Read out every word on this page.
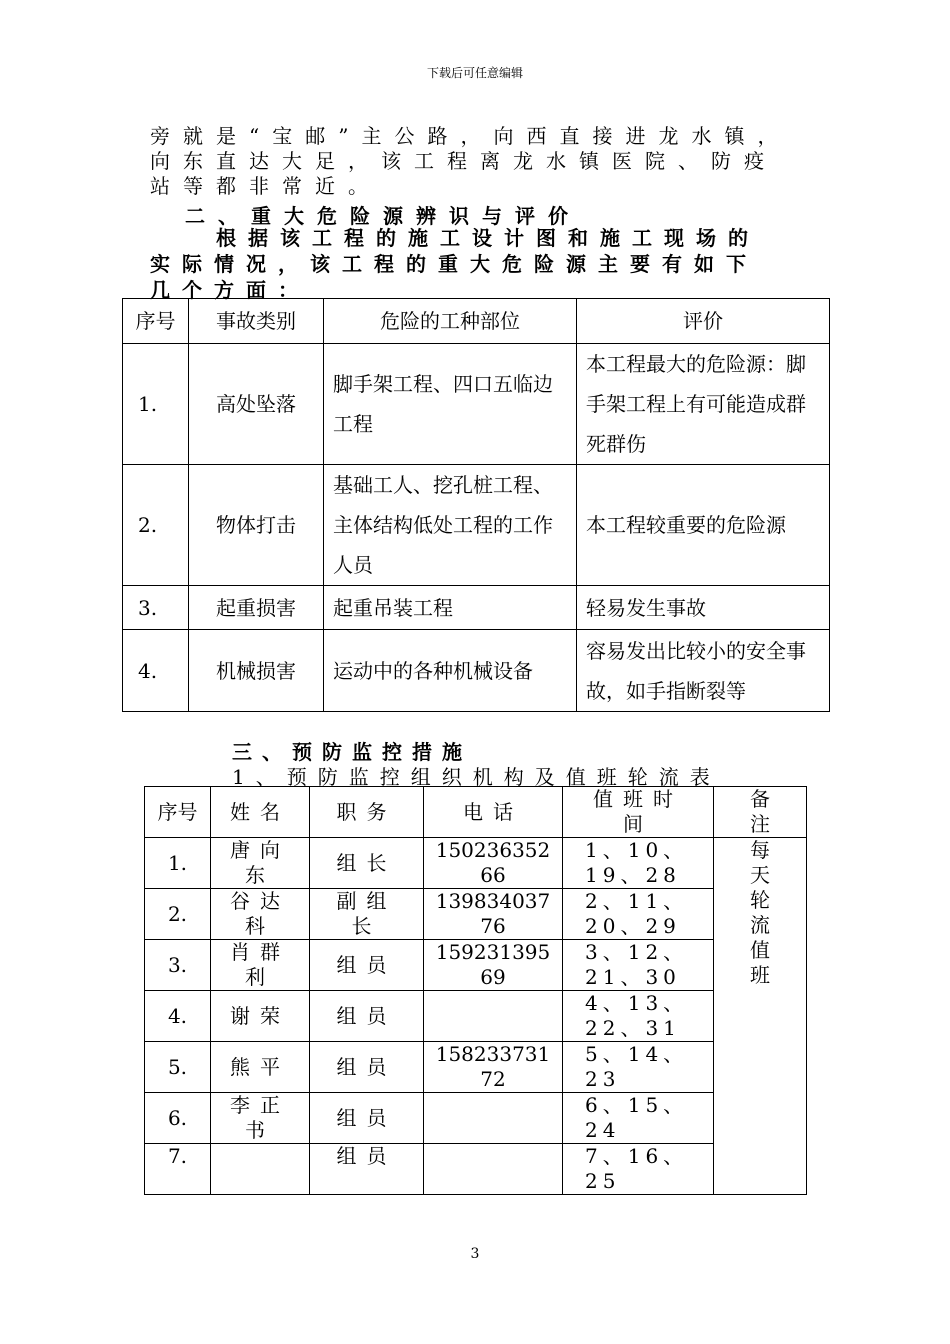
下载后可任意编辑
旁就是“宝邮”主公路，向西直接进龙水镇，
向东直达大足，该工程离龙水镇医院、防疫
站等都非常近。
二、重大危险源辨识与评价
根据该工程的施工设计图和施工现场的
实际情况，该工程的重大危险源主要有如下
几个方面：
序号	事故类别	危险的工种部位	评价
1.	高处坠落	脚手架工程、四口五临边工程	本工程最大的危险源：脚手架工程上有可能造成群死群伤
2.	物体打击	基础工人、挖孔桩工程、主体结构低处工程的工作人员	本工程较重要的危险源
3.	起重损害	起重吊装工程	轻易发生事故
4.	机械损害	运动中的各种机械设备	容易发出比较小的安全事故，如手指断裂等
三、预防监控措施
1、预防监控组织机构及值班轮流表
序号	姓名	职务	电话	值班时间	备注
1.	唐向东	组长	15023635266	1、10、19、28	每天轮流值班
2.	谷达科	副组长	13983403776	2、11、20、29	
3.	肖群利	组员	15923139569	3、12、21、30	
4.	谢荣	组员		4、13、22、31	
5.	熊平	组员	15823373172	5、14、23	
6.	李正书	组员		6、15、24	
7.		组员		7、16、25	
3
